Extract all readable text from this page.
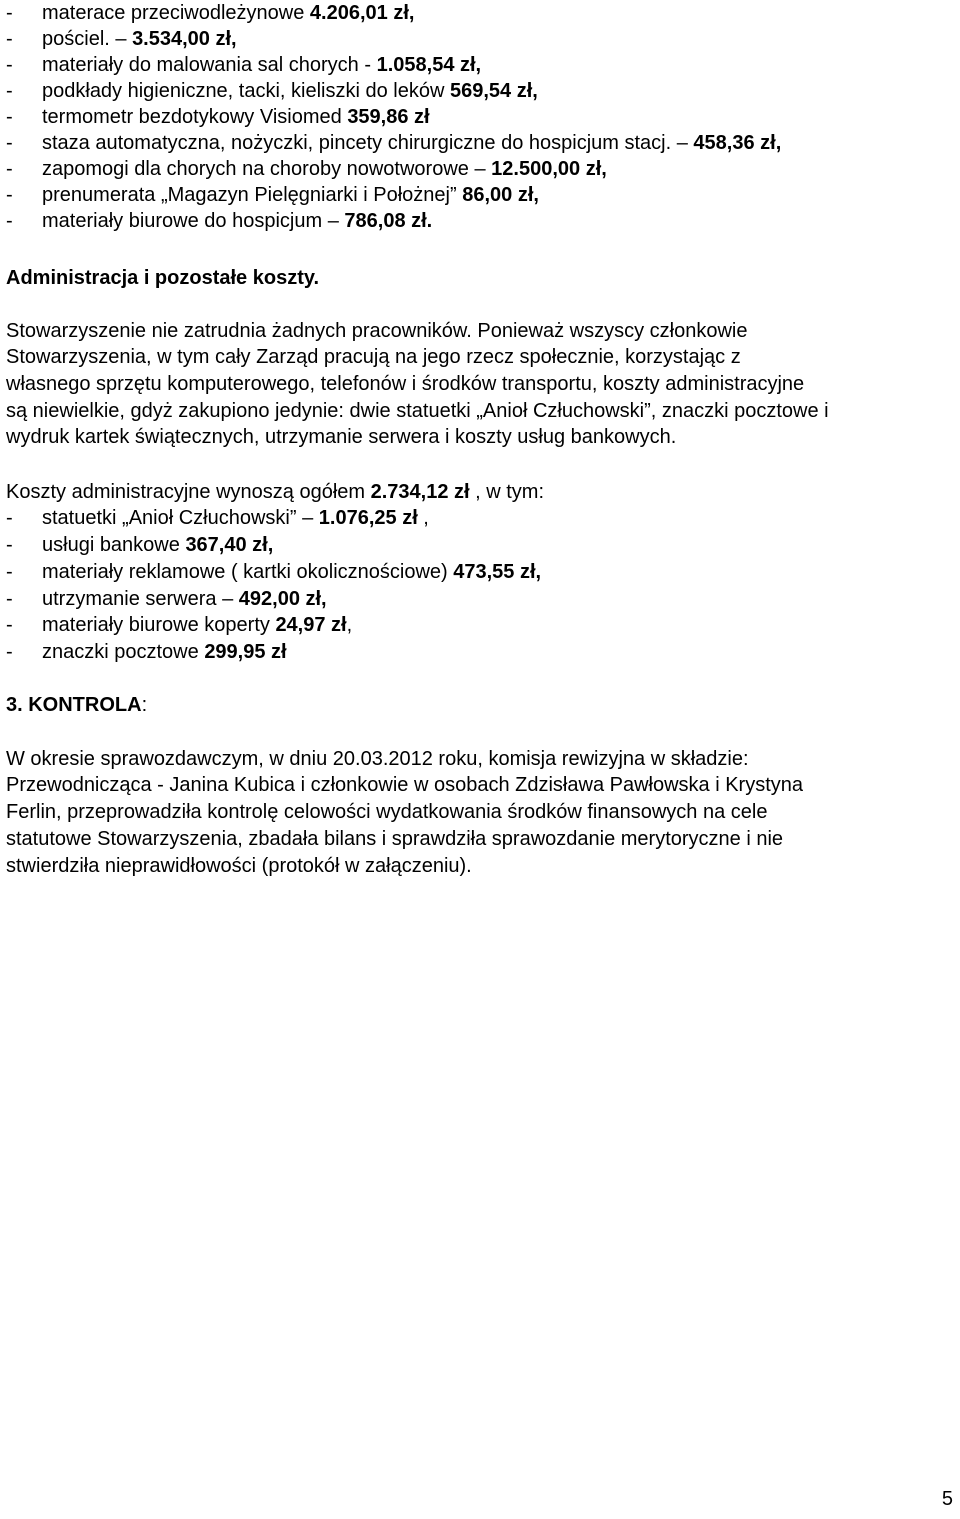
-	materace przeciwodleżynowe 4.206,01 zł,
-	pościel. – 3.534,00 zł,
-	materiały do malowania sal chorych - 1.058,54 zł,
-	podkłady higieniczne, tacki, kieliszki do leków 569,54 zł,
-	termometr bezdotykowy Visiomed 359,86 zł
-	staza automatyczna, nożyczki, pincety chirurgiczne do hospicjum stacj. – 458,36 zł,
-	zapomogi dla chorych na choroby nowotworowe – 12.500,00 zł,
-	prenumerata „Magazyn Pielęgniarki i Położnej” 86,00 zł,
-	materiały biurowe do hospicjum – 786,08 zł.
Administracja i pozostałe koszty.
Stowarzyszenie nie zatrudnia żadnych pracowników. Ponieważ wszyscy członkowie
Stowarzyszenia, w tym cały Zarząd pracują na jego rzecz społecznie, korzystając z
własnego sprzętu komputerowego, telefonów i środków transportu, koszty administracyjne
są niewielkie, gdyż zakupiono jedynie: dwie statuetki „Anioł Człuchowski”, znaczki pocztowe i
wydruk kartek świątecznych, utrzymanie serwera i koszty usług bankowych.
Koszty administracyjne wynoszą ogółem 2.734,12 zł , w tym:
-	statuetki „Anioł Człuchowski” – 1.076,25 zł ,
-	usługi bankowe 367,40 zł,
-	materiały reklamowe ( kartki okolicznościowe) 473,55 zł,
-	utrzymanie serwera – 492,00 zł,
-	materiały biurowe koperty 24,97 zł,
-	znaczki pocztowe 299,95 zł
3. KONTROLA:
W okresie sprawozdawczym, w dniu 20.03.2012 roku, komisja rewizyjna w składzie:
Przewodnicząca - Janina Kubica i członkowie w osobach Zdzisława Pawłowska i Krystyna
Ferlin, przeprowadziła kontrolę celowości wydatkowania środków finansowych na cele
statutowe Stowarzyszenia, zbadała bilans i sprawdziła sprawozdanie merytoryczne i nie
stwierdziła nieprawidłowości (protokół w załączeniu).
5
